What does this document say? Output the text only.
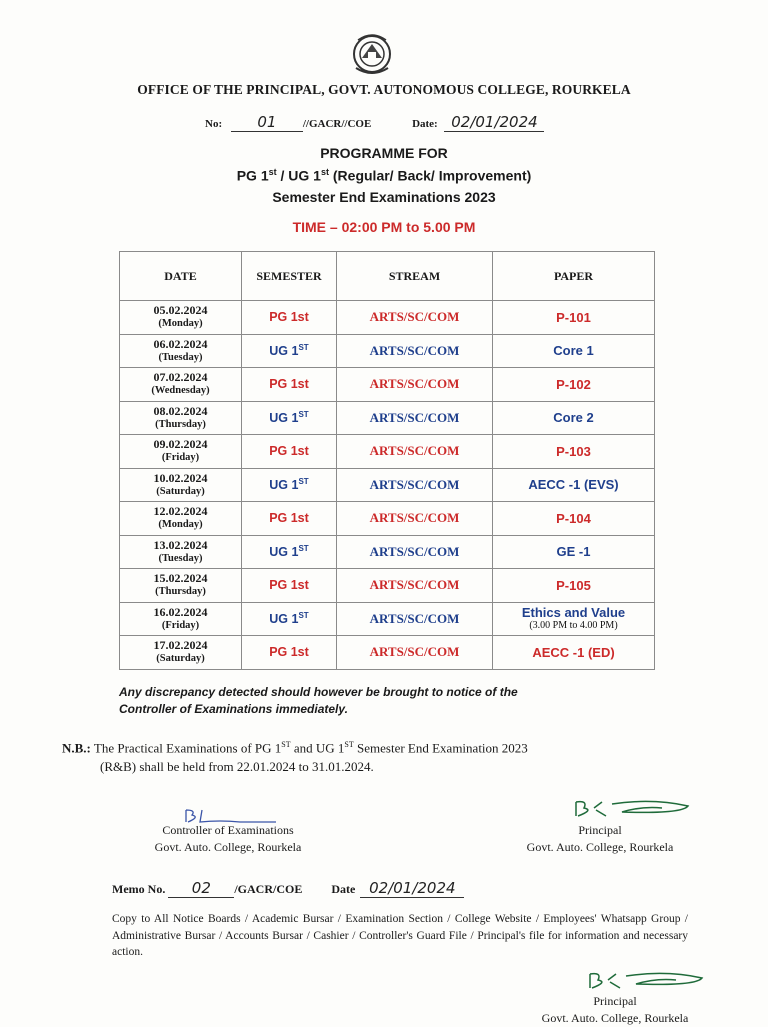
OFFICE OF THE PRINCIPAL, GOVT. AUTONOMOUS COLLEGE, ROURKELA
No: 01 //GACR//COE	Date: 02/01/2024
PROGRAMME FOR
PG 1st / UG 1st (Regular/ Back/ Improvement)
Semester End Examinations 2023
TIME – 02:00 PM to 5.00 PM
DATE	SEMESTER	STREAM	PAPER

05.02.2024
(Monday)	PG 1st	ARTS/SC/COM	P-101

06.02.2024
(Tuesday)	UG 1ST	ARTS/SC/COM	Core 1

07.02.2024
(Wednesday)	PG 1st	ARTS/SC/COM	P-102

08.02.2024
(Thursday)	UG 1ST	ARTS/SC/COM	Core 2

09.02.2024
(Friday)	PG 1st	ARTS/SC/COM	P-103

10.02.2024
(Saturday)	UG 1ST	ARTS/SC/COM	AECC -1 (EVS)

12.02.2024
(Monday)	PG 1st	ARTS/SC/COM	P-104

13.02.2024
(Tuesday)	UG 1ST	ARTS/SC/COM	GE -1

15.02.2024
(Thursday)	PG 1st	ARTS/SC/COM	P-105

16.02.2024
(Friday)	UG 1ST	ARTS/SC/COM	Ethics and Value
(3.00 PM to 4.00 PM)

17.02.2024
(Saturday)	PG 1st	ARTS/SC/COM	AECC -1 (ED)
Any discrepancy detected should however be brought to notice of the
Controller of Examinations immediately.
N.B.: The Practical Examinations of PG 1ST and UG 1ST Semester End Examination 2023
(R&B) shall be held from 22.01.2024 to 31.01.2024.
Controller of Examinations
Govt. Auto. College, Rourkela
Principal
Govt. Auto. College, Rourkela
Memo No. 02 /GACR/COE Date 02/01/2024
Copy to All Notice Boards / Academic Bursar / Examination Section / College Website / Employees' Whatsapp Group / Administrative Bursar / Accounts Bursar / Cashier / Controller's Guard File / Principal's file for information and necessary action.
Principal
Govt. Auto. College, Rourkela
